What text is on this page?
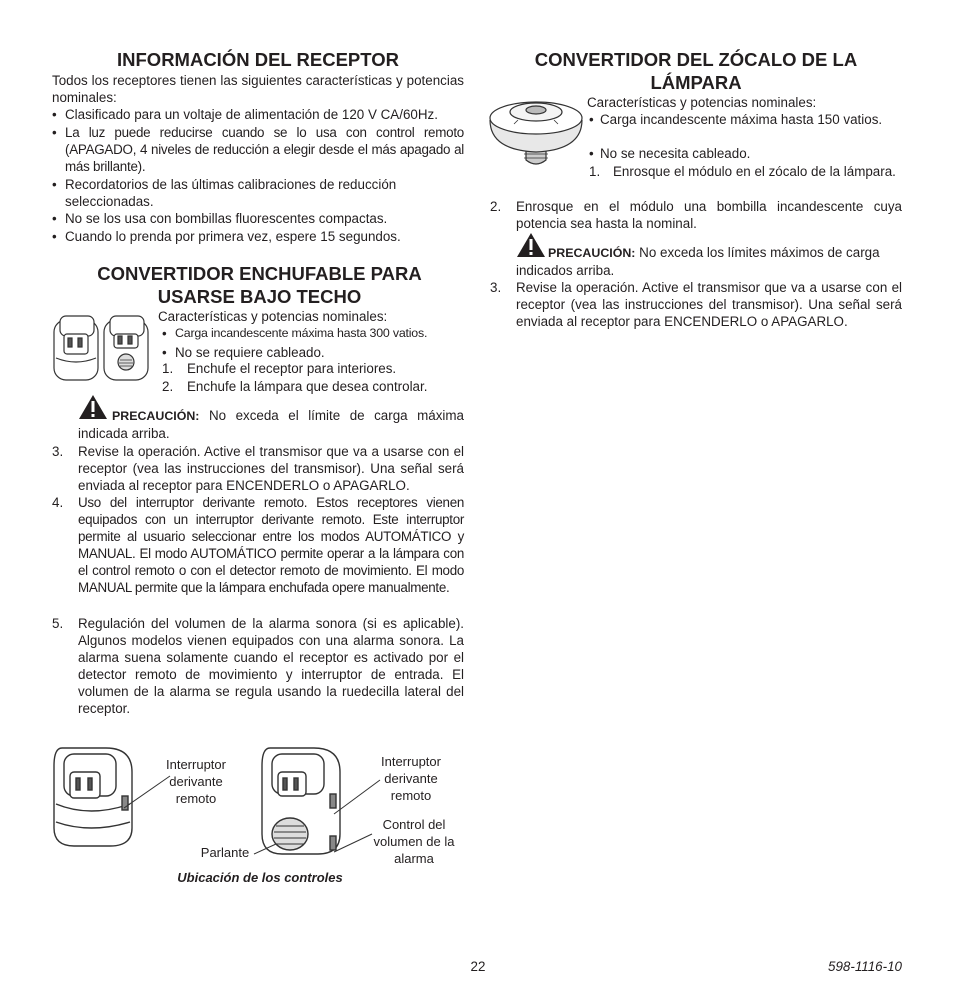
INFORMACIÓN DEL RECEPTOR

Todos los receptores tienen las siguientes características y potencias nominales:

• Clasificado para un voltaje de alimentación de 120 V CA/60Hz.

• La luz puede reducirse cuando se lo usa con control remoto (APAGADO, 4 niveles de reducción a elegir desde el más apagado al más brillante).

• Recordatorios de las últimas calibraciones de reducción seleccionadas.

• No se los usa con bombillas fluorescentes compactas.

• Cuando lo prenda por primera vez, espere 15 segundos.

CONVERTIDOR ENCHUFABLE PARA USARSE BAJO TECHO

Características y potencias nominales:

• Carga incandescente máxima hasta 300 vatios.

• No se requiere cableado.

1. Enchufe el receptor para interiores.

2. Enchufe la lámpara que desea controlar.

PRECAUCIÓN: No exceda el límite de carga máxima indicada arriba.

3. Revise la operación. Active el transmisor que va a usarse con el receptor (vea las instrucciones del transmisor). Una señal será enviada al receptor para ENCENDERLO o APAGARLO.

4. Uso del interruptor derivante remoto. Estos receptores vienen equipados con un interruptor derivante remoto. Este interruptor permite al usuario seleccionar entre los modos AUTOMÁTICO y MANUAL. El modo AUTOMÁTICO permite operar a la lámpara con el control remoto o con el detector remoto de movimiento. El modo MANUAL permite que la lámpara enchufada opere manualmente.

5. Regulación del volumen de la alarma sonora (si es aplicable). Algunos modelos vienen equipados con una alarma sonora. La alarma suena solamente cuando el receptor es activado por el detector remoto de movimiento y interruptor de entrada. El volumen de la alarma se regula usando la ruedecilla lateral del receptor.

Interruptor derivante remoto
Parlante
Interruptor derivante remoto
Control del volumen de la alarma
Ubicación de los controles
CONVERTIDOR DEL ZÓCALO DE LA LÁMPARA

Características y potencias nominales:

• Carga incandescente máxima hasta 150 vatios.

• No se necesita cableado.

1. Enrosque el módulo en el zócalo de la lámpara.

2. Enrosque en el módulo una bombilla incandescente cuya potencia sea hasta la nominal.

PRECAUCIÓN: No exceda los límites máximos de carga indicados arriba.

3. Revise la operación. Active el transmisor que va a usarse con el receptor (vea las instrucciones del transmisor). Una señal será enviada al receptor para ENCENDERLO o APAGARLO.

22	598-1116-10
